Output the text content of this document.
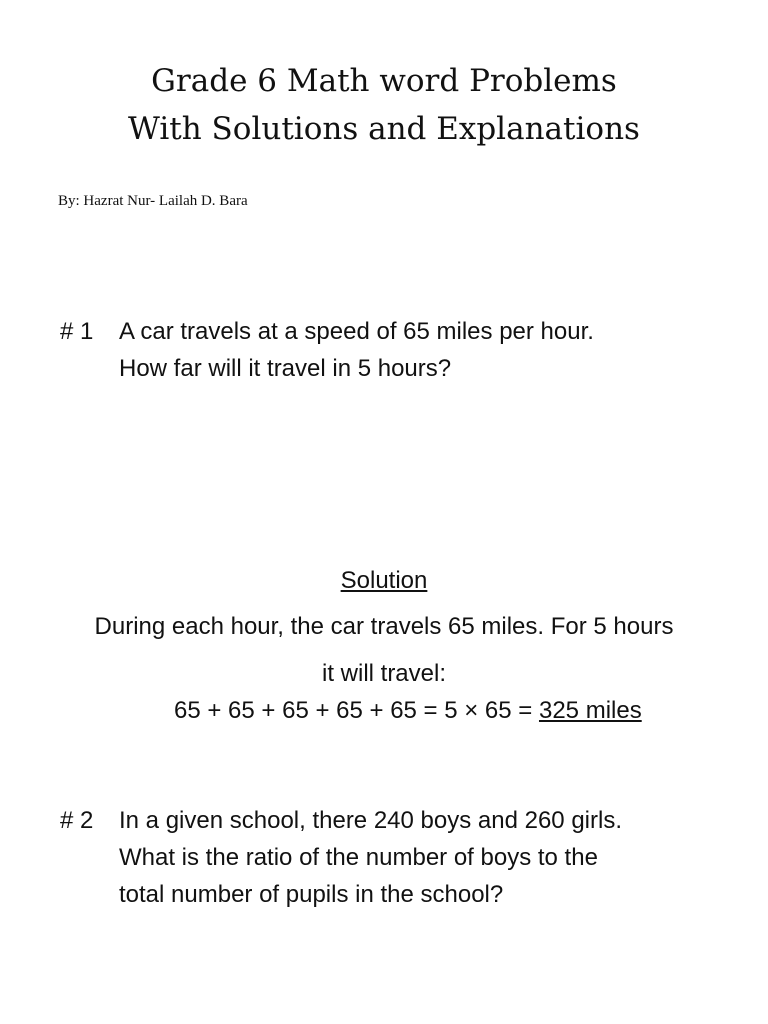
Grade 6 Math word Problems
With Solutions and Explanations

By: Hazrat Nur- Lailah D. Bara

# 1 A car travels at a speed of 65 miles per hour.
How far will it travel in 5 hours?
Solution
During each hour, the car travels 65 miles. For 5 hours
it will travel:
65 + 65 + 65 + 65 + 65 = 5 × 65 = 325 miles
# 2 In a given school, there 240 boys and 260 girls.
What is the ratio of the number of boys to the
total number of pupils in the school?
